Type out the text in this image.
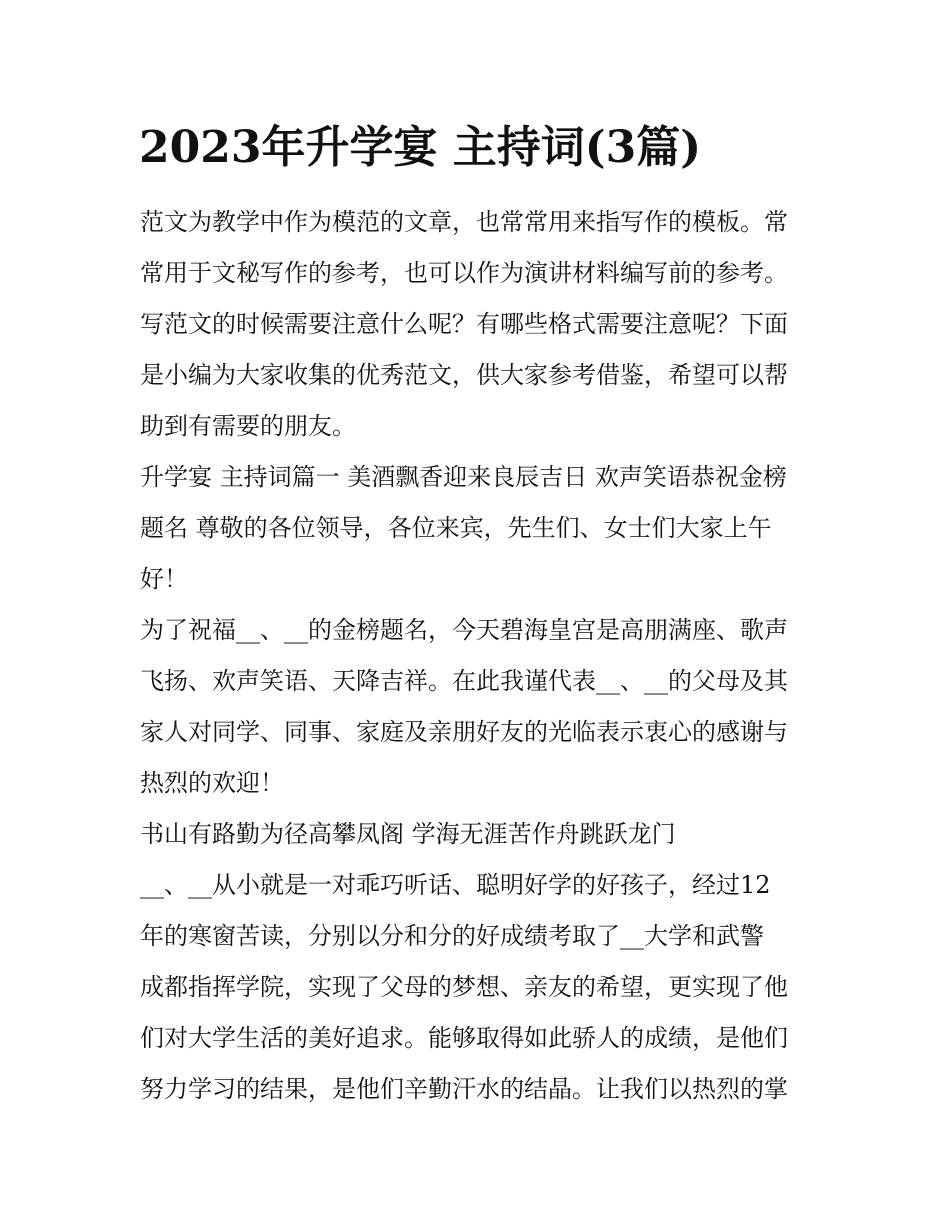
2023年升学宴 主持词(3篇)

范文为教学中作为模范的文章，也常常用来指写作的模板。常

常用于文秘写作的参考，也可以作为演讲材料编写前的参考。

写范文的时候需要注意什么呢？有哪些格式需要注意呢？下面

是小编为大家收集的优秀范文，供大家参考借鉴，希望可以帮

助到有需要的朋友。

升学宴 主持词篇一 美酒飘香迎来良辰吉日 欢声笑语恭祝金榜

题名 尊敬的各位领导，各位来宾，先生们、女士们大家上午

好！

为了祝福__、__的金榜题名，今天碧海皇宫是高朋满座、歌声

飞扬、欢声笑语、天降吉祥。在此我谨代表__、__的父母及其

家人对同学、同事、家庭及亲朋好友的光临表示衷心的感谢与

热烈的欢迎！

书山有路勤为径高攀凤阁 学海无涯苦作舟跳跃龙门

__、__从小就是一对乖巧听话、聪明好学的好孩子，经过12

年的寒窗苦读，分别以分和分的好成绩考取了__大学和武警

成都指挥学院，实现了父母的梦想、亲友的希望，更实现了他

们对大学生活的美好追求。能够取得如此骄人的成绩，是他们

努力学习的结果，是他们辛勤汗水的结晶。让我们以热烈的掌
